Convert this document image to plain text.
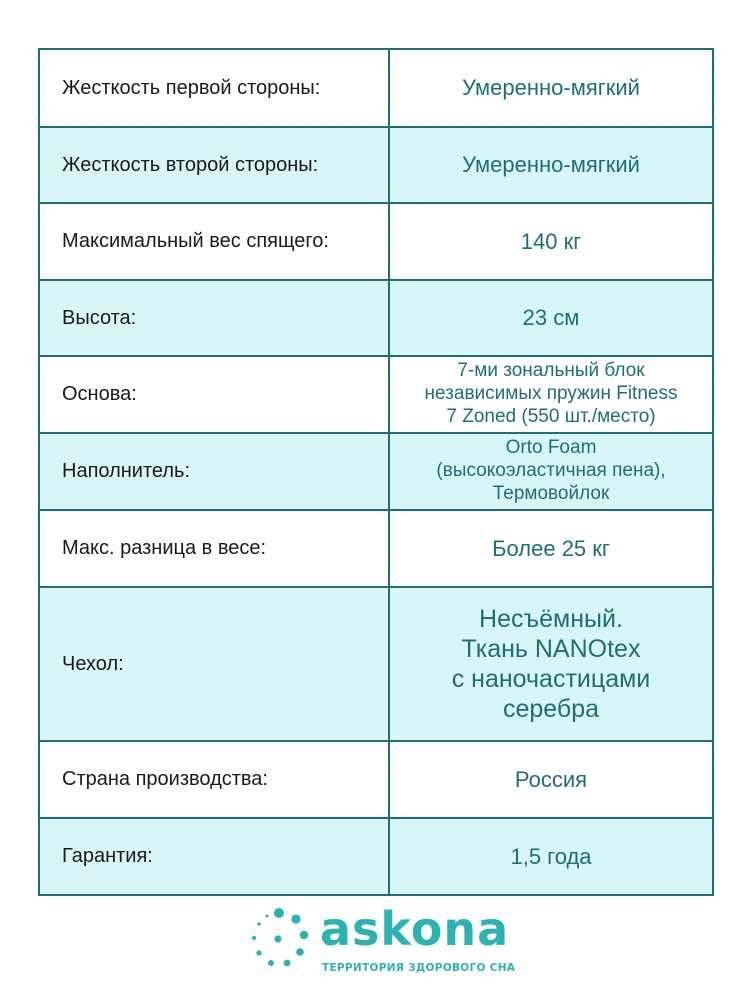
Жесткость первой стороны:	Умеренно-мягкий
Жесткость второй стороны:	Умеренно-мягкий
Максимальный вес спящего:	140 кг
Высота:	23 см
Основа:	7-ми зональный блок
независимых пружин Fitness
7 Zoned (550 шт./место)
Наполнитель:	Orto Foam
(высокоэластичная пена),
Термовойлок
Макс. разница в весе:	Более 25 кг
Чехол:	Несъёмный.
Ткань NANOtex
с наночастицами
серебра
Страна производства:	Россия
Гарантия:	1,5 года
askona
ТЕРРИТОРИЯ ЗДОРОВОГО СНА
